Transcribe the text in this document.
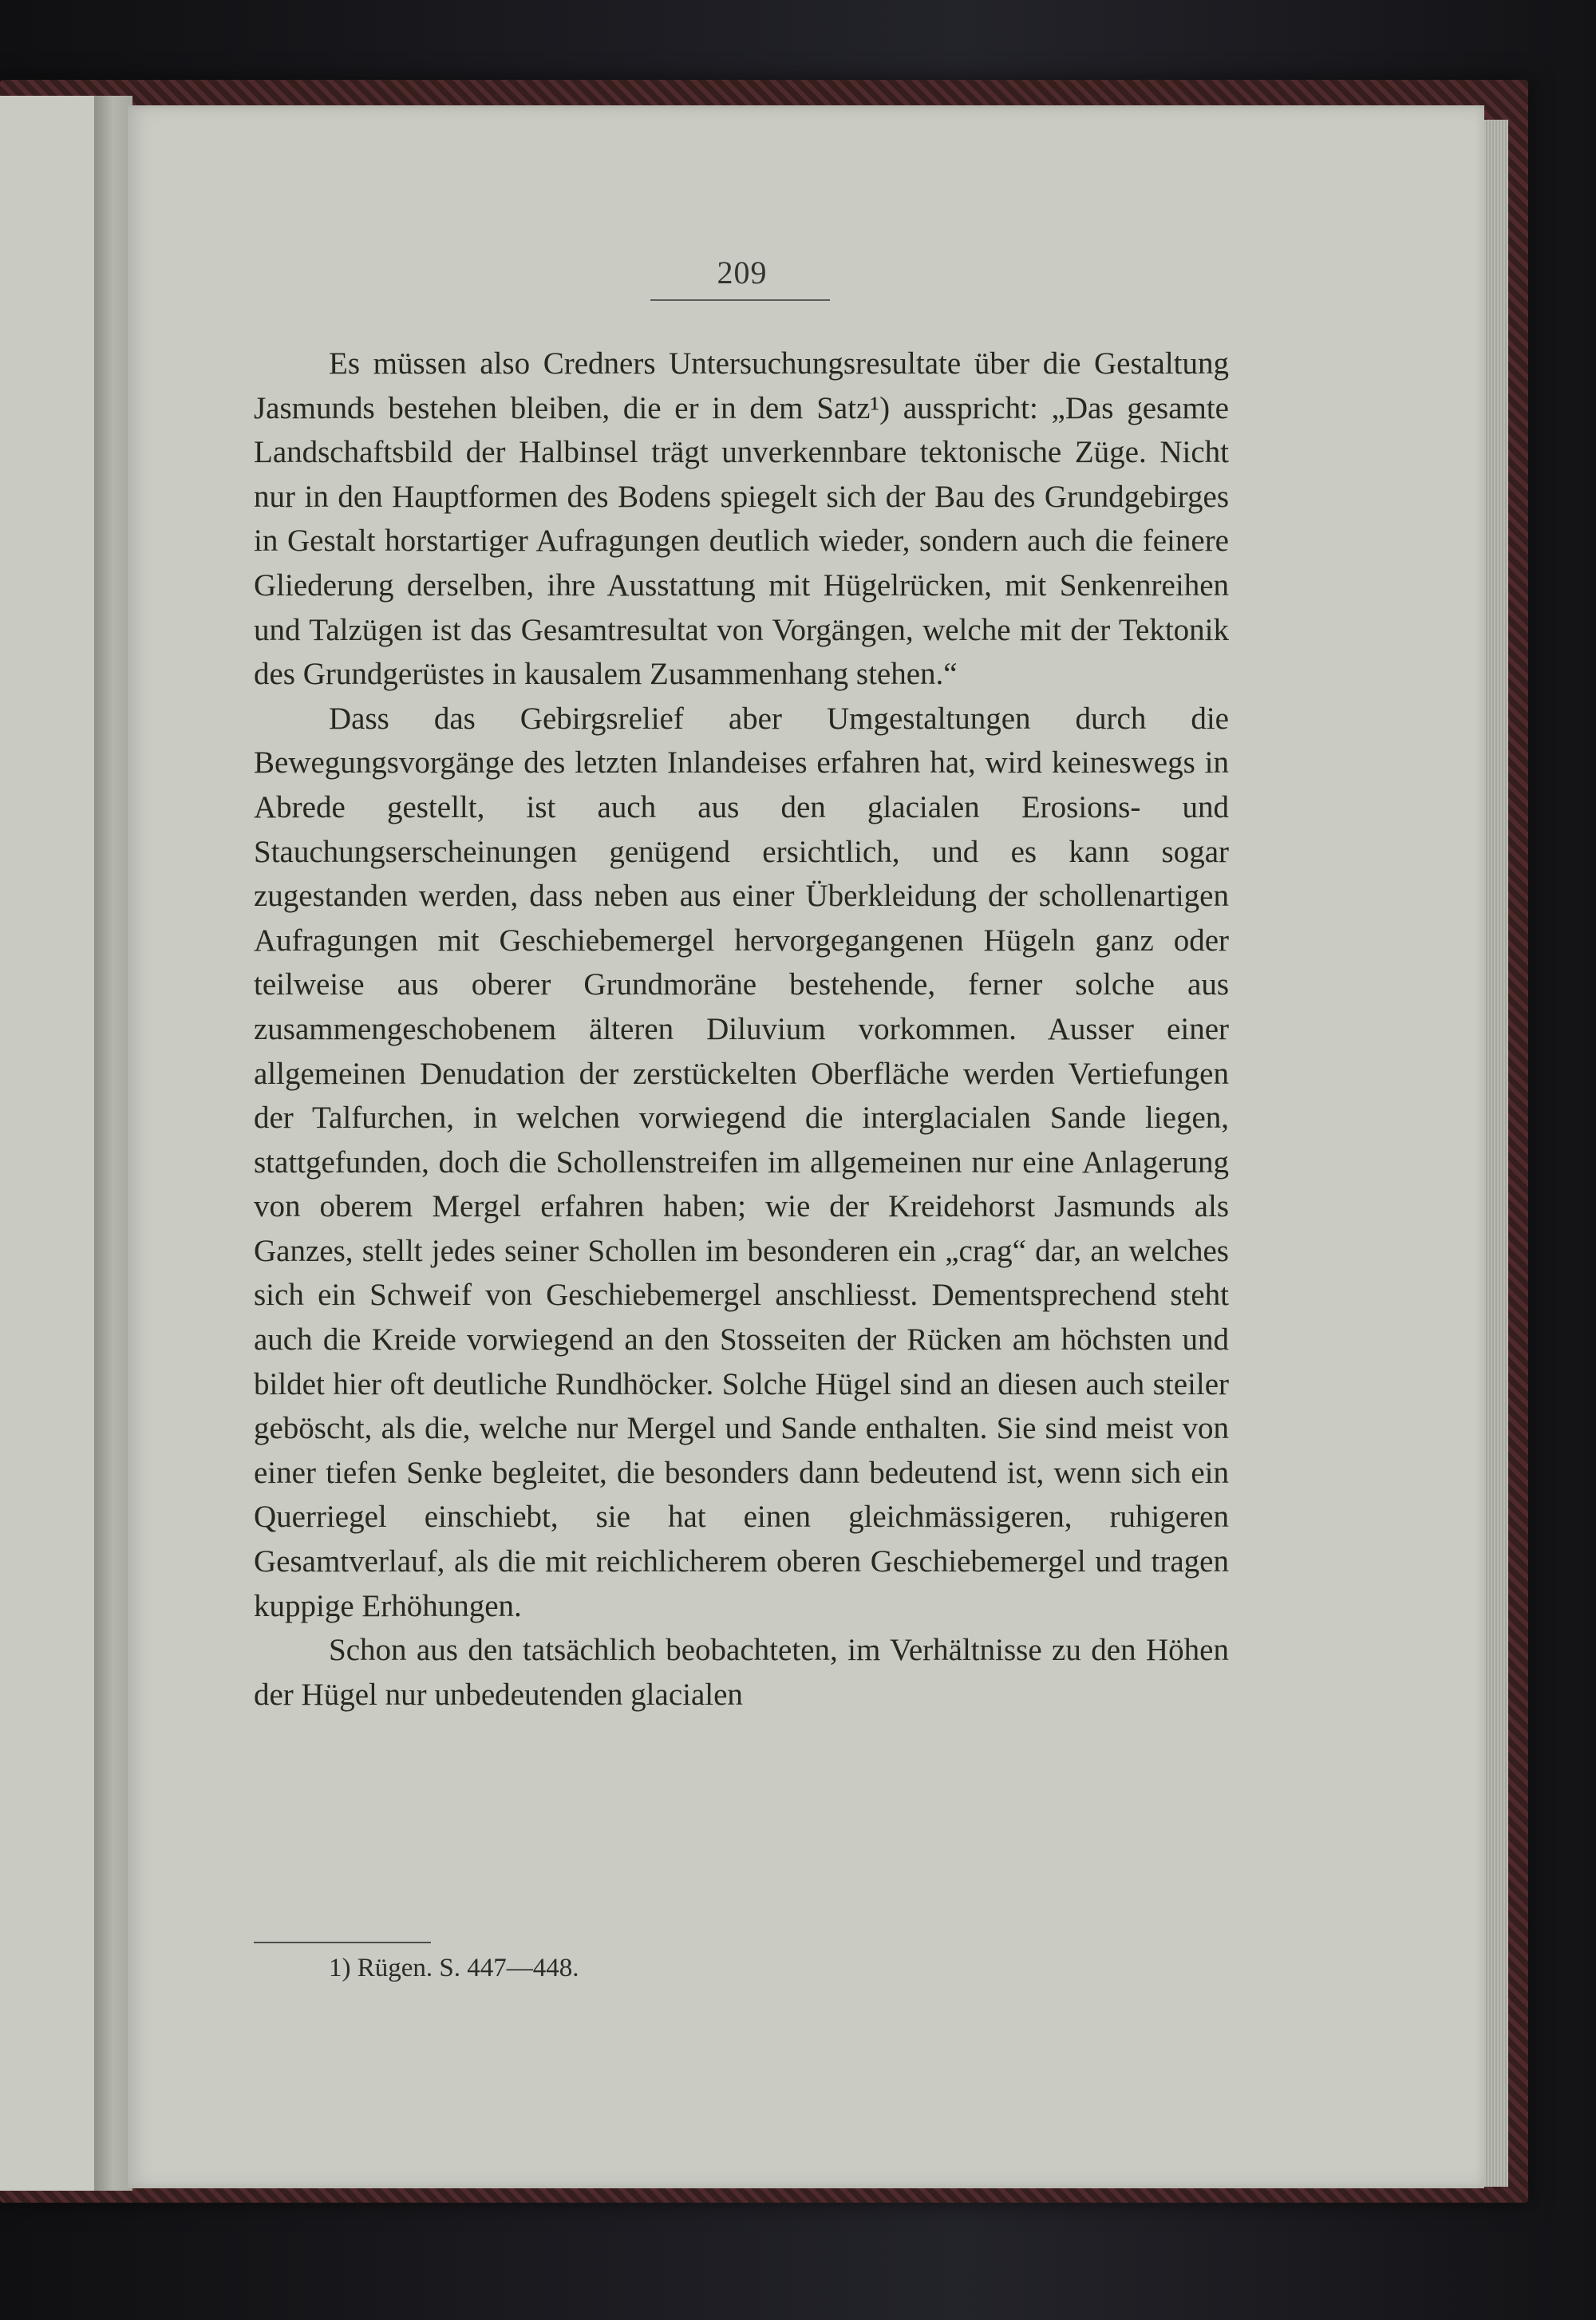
209

Es müssen also Credners Untersuchungsresultate über die Gestaltung Jasmunds bestehen bleiben, die er in dem Satz¹) ausspricht: „Das gesamte Landschaftsbild der Halbinsel trägt unverkennbare tektonische Züge. Nicht nur in den Hauptformen des Bodens spiegelt sich der Bau des Grundgebirges in Gestalt horstartiger Aufragungen deutlich wieder, sondern auch die feinere Gliederung derselben, ihre Ausstattung mit Hügelrücken, mit Senkenreihen und Talzügen ist das Gesamtresultat von Vorgängen, welche mit der Tektonik des Grundgerüstes in kausalem Zusammenhang stehen.“

Dass das Gebirgsrelief aber Umgestaltungen durch die Bewegungsvorgänge des letzten Inlandeises erfahren hat, wird keineswegs in Abrede gestellt, ist auch aus den glacialen Erosions- und Stauchungserscheinungen genügend ersichtlich, und es kann sogar zugestanden werden, dass neben aus einer Überkleidung der schollenartigen Aufragungen mit Geschiebemergel hervorgegangenen Hügeln ganz oder teilweise aus oberer Grundmoräne bestehende, ferner solche aus zusammengeschobenem älteren Diluvium vorkommen. Ausser einer allgemeinen Denudation der zerstückelten Oberfläche werden Vertiefungen der Talfurchen, in welchen vorwiegend die interglacialen Sande liegen, stattgefunden, doch die Schollenstreifen im allgemeinen nur eine Anlagerung von oberem Mergel erfahren haben; wie der Kreidehorst Jasmunds als Ganzes, stellt jedes seiner Schollen im besonderen ein „crag“ dar, an welches sich ein Schweif von Geschiebemergel anschliesst. Dementsprechend steht auch die Kreide vorwiegend an den Stosseiten der Rücken am höchsten und bildet hier oft deutliche Rundhöcker. Solche Hügel sind an diesen auch steiler geböscht, als die, welche nur Mergel und Sande enthalten. Sie sind meist von einer tiefen Senke begleitet, die besonders dann bedeutend ist, wenn sich ein Querriegel einschiebt, sie hat einen gleichmässigeren, ruhigeren Gesamtverlauf, als die mit reichlicherem oberen Geschiebemergel und tragen kuppige Erhöhungen.

Schon aus den tatsächlich beobachteten, im Verhältnisse zu den Höhen der Hügel nur unbedeutenden glacialen

1) Rügen. S. 447—448.
